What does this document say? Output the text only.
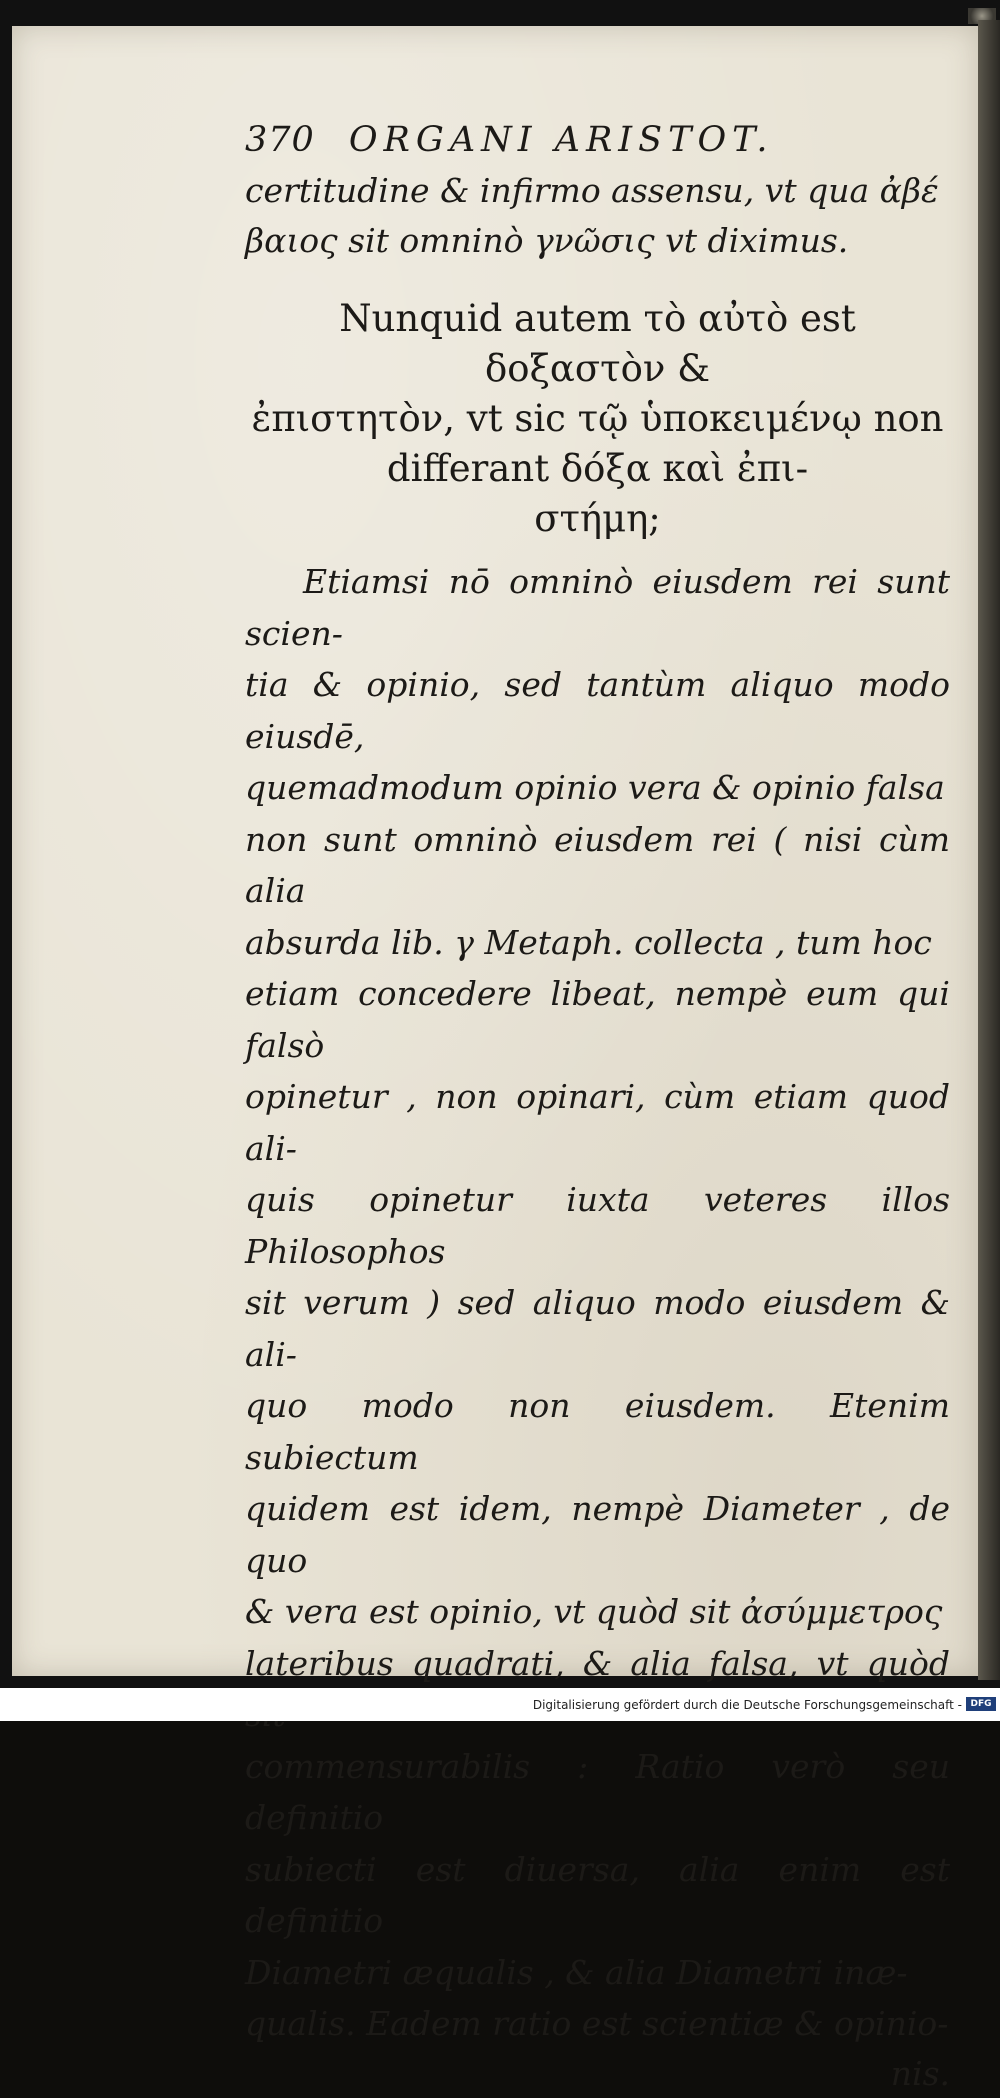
370 ORGANI ARISTOT.

certitudine & infirmo assensu, vt qua ἀβέ
βαιος sit omninò γνῶσις vt diximus.

Nunquid autem τὸ αὐτὸ est δοξαστὸν &
ἐπιστητὸν, vt sic τῷ ὑποκειμένῳ non
differant δόξα καὶ ἐπι-
στήμη;
Etiamsi nō omninò eiusdem rei sunt scien-
tia & opinio, sed tantùm aliquo modo eiusdē,
quemadmodum opinio vera & opinio falsa
non sunt omninò eiusdem rei ( nisi cùm alia
absurda lib. γ Metaph. collecta , tum hoc
etiam concedere libeat, nempè eum qui falsò
opinetur , non opinari, cùm etiam quod ali-
quis opinetur iuxta veteres illos Philosophos
sit verum ) sed aliquo modo eiusdem & ali-
quo modo non eiusdem. Etenim subiectum
quidem est idem, nempè Diameter , de quo
& vera est opinio, vt quòd sit ἀσύμμετρος
lateribus quadrati, & alia falsa, vt quòd
commensurabilis : Ratio verò seu definitio
subiecti est diuersa, alia enim est definitio
Diametri æqualis , & alia Diametri inæ-
qualis. Eadem ratio est scientiæ & opinio-
nis.
Digitalisierung gefördert durch die Deutsche Forschungsgemeinschaft - DFG
